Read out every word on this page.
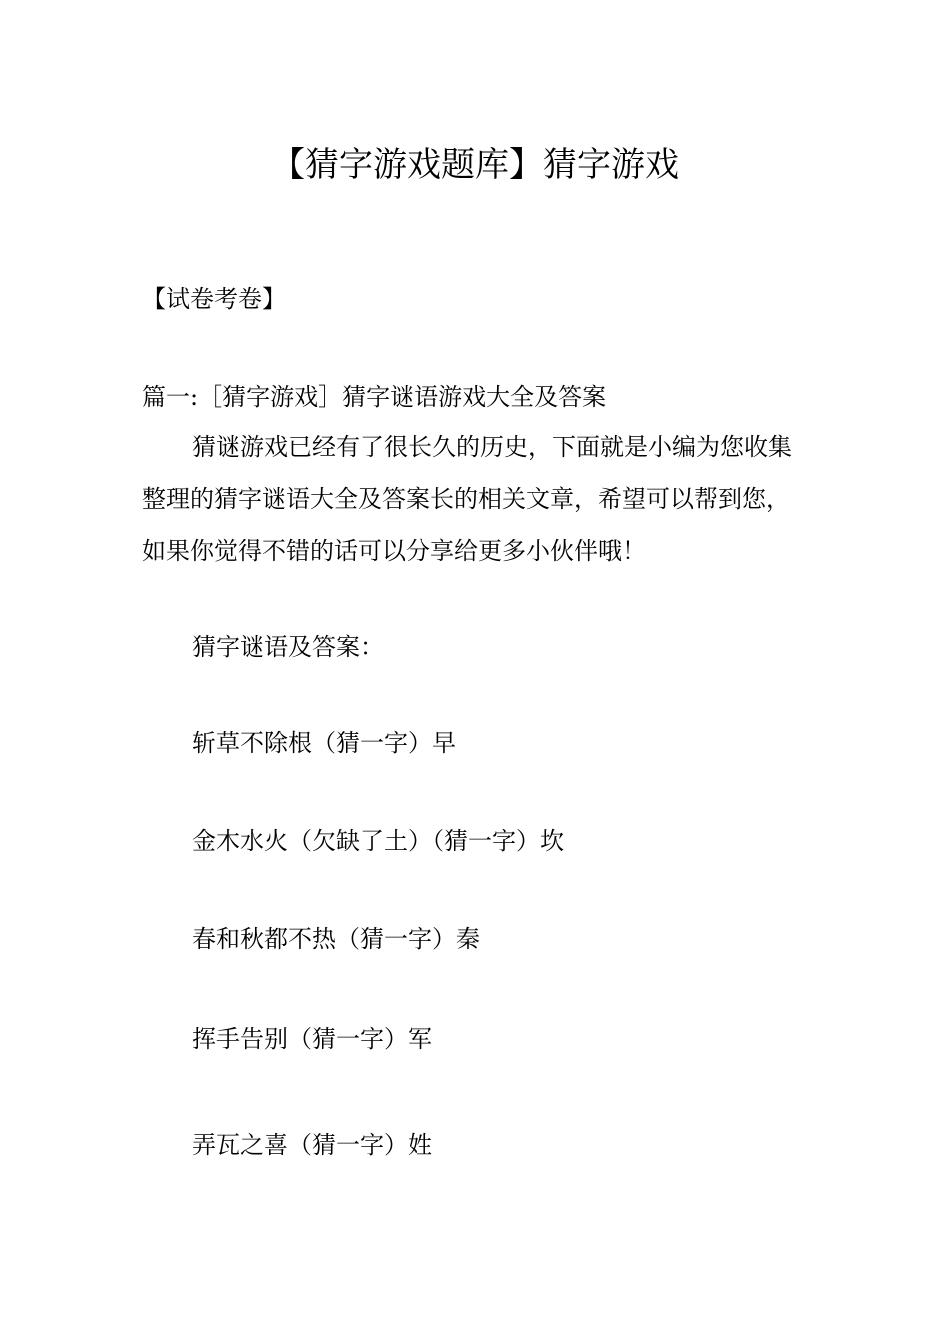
【猜字游戏题库】猜字游戏

【试卷考卷】

篇一:［猜字游戏］猜字谜语游戏大全及答案

猜谜游戏已经有了很长久的历史，下面就是小编为您收集整理的猜字谜语大全及答案长的相关文章，希望可以帮到您，如果你觉得不错的话可以分享给更多小伙伴哦！

猜字谜语及答案：

斩草不除根（猜一字）早

金木水火（欠缺了土）（猜一字）坎

春和秋都不热（猜一字）秦

挥手告别（猜一字）军

弄瓦之喜（猜一字）姓
